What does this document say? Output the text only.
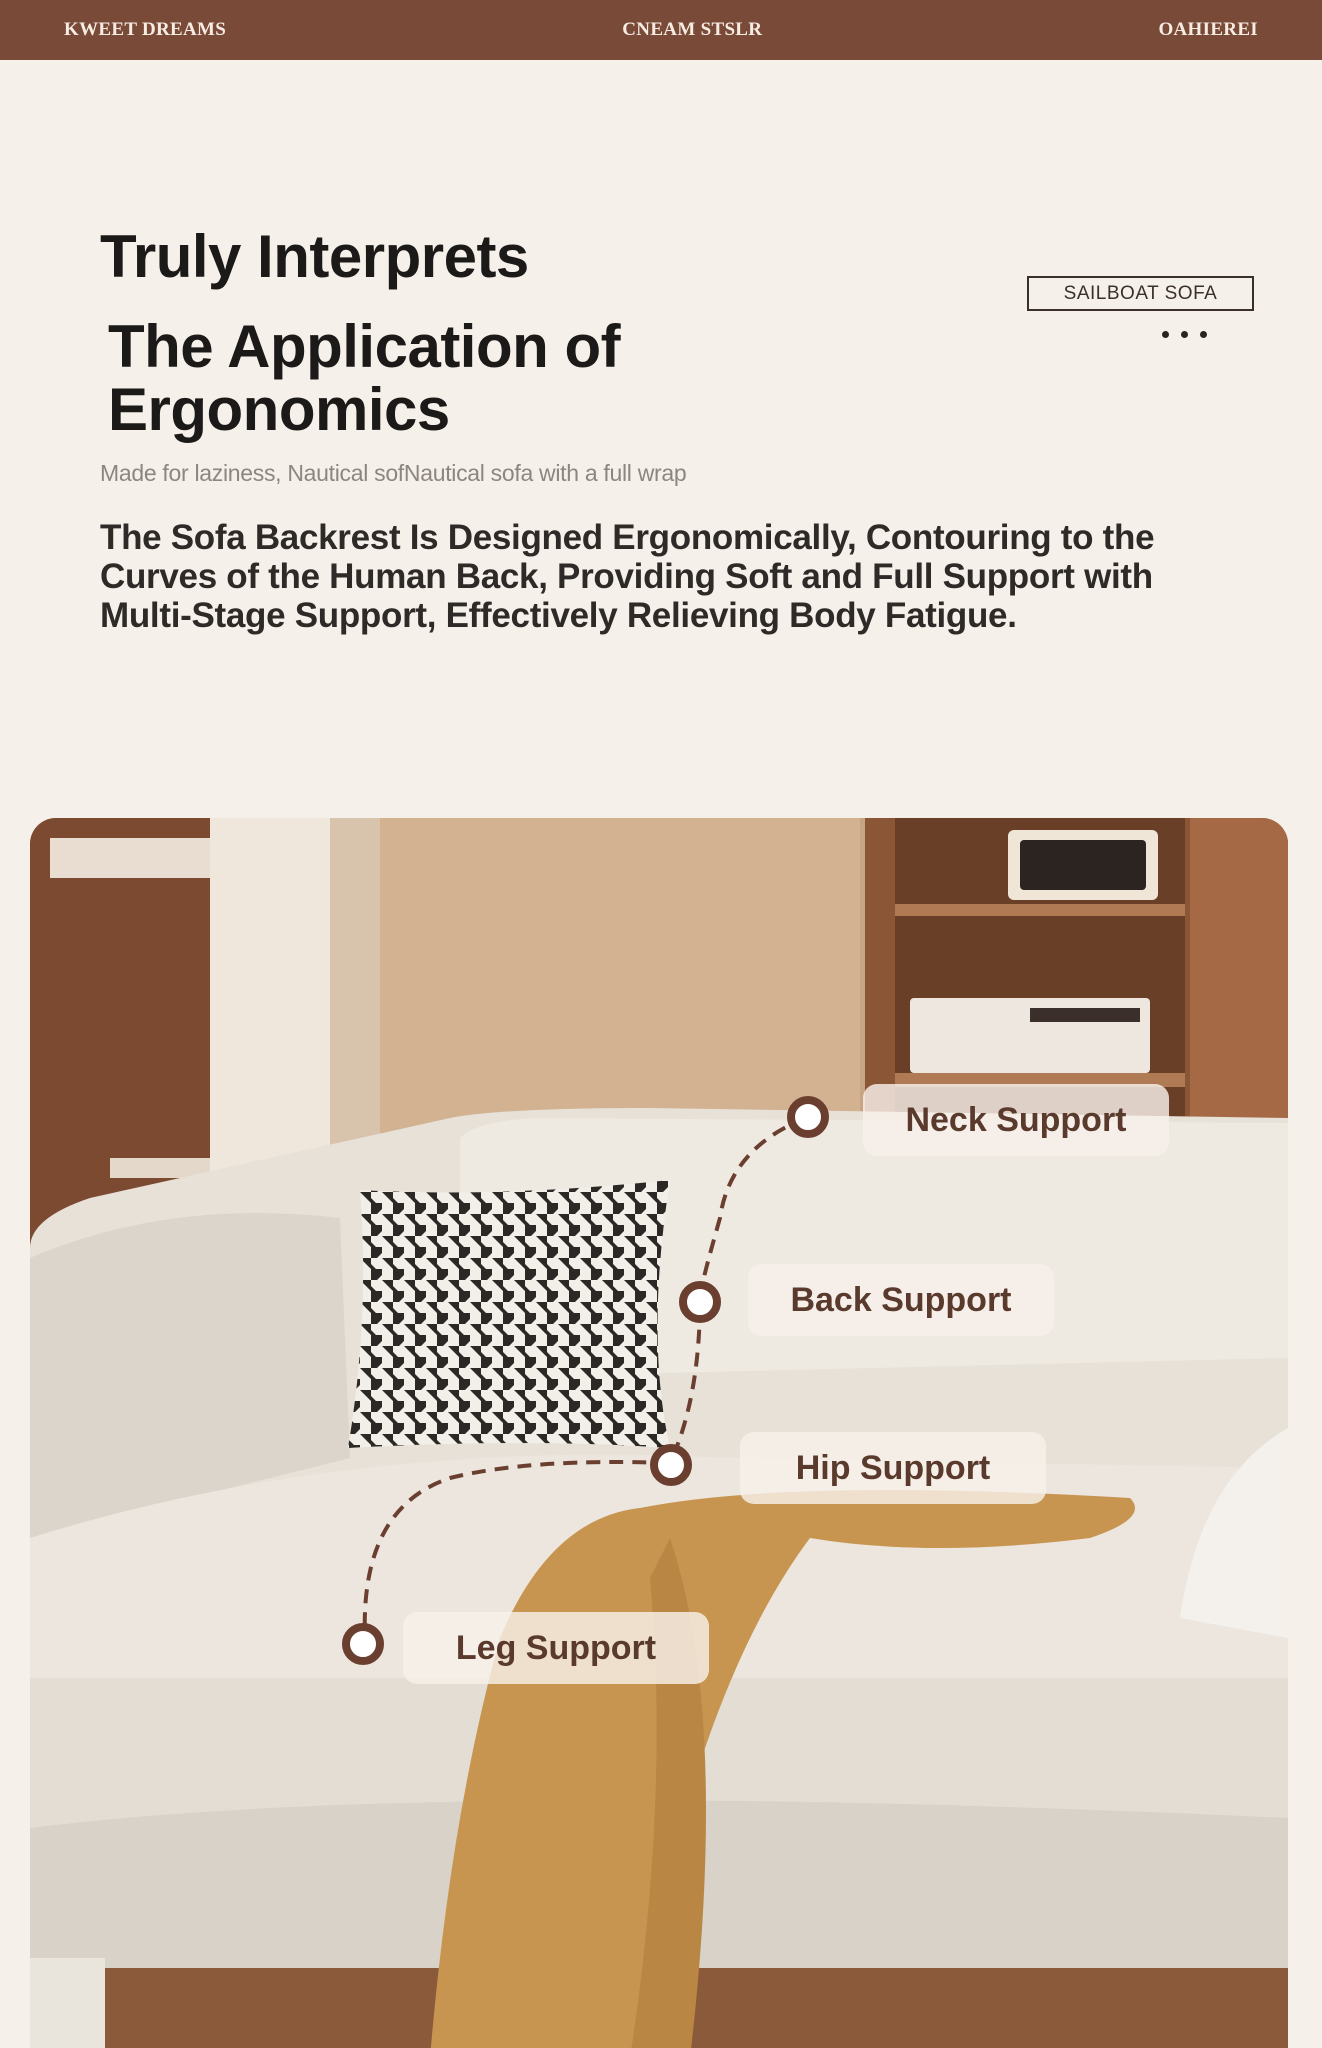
KWEET DREAMS	CNEAM STSLR	OAHIEREI
Truly Interprets
The Application of Ergonomics
SAILBOAT SOFA
Made for laziness, Nautical sofNautical sofa with a full wrap
The Sofa Backrest Is Designed Ergonomically, Contouring to the Curves of the Human Back, Providing Soft and Full Support with Multi-Stage Support, Effectively Relieving Body Fatigue.
Neck Support
Back Support
Hip Support
Leg Support
